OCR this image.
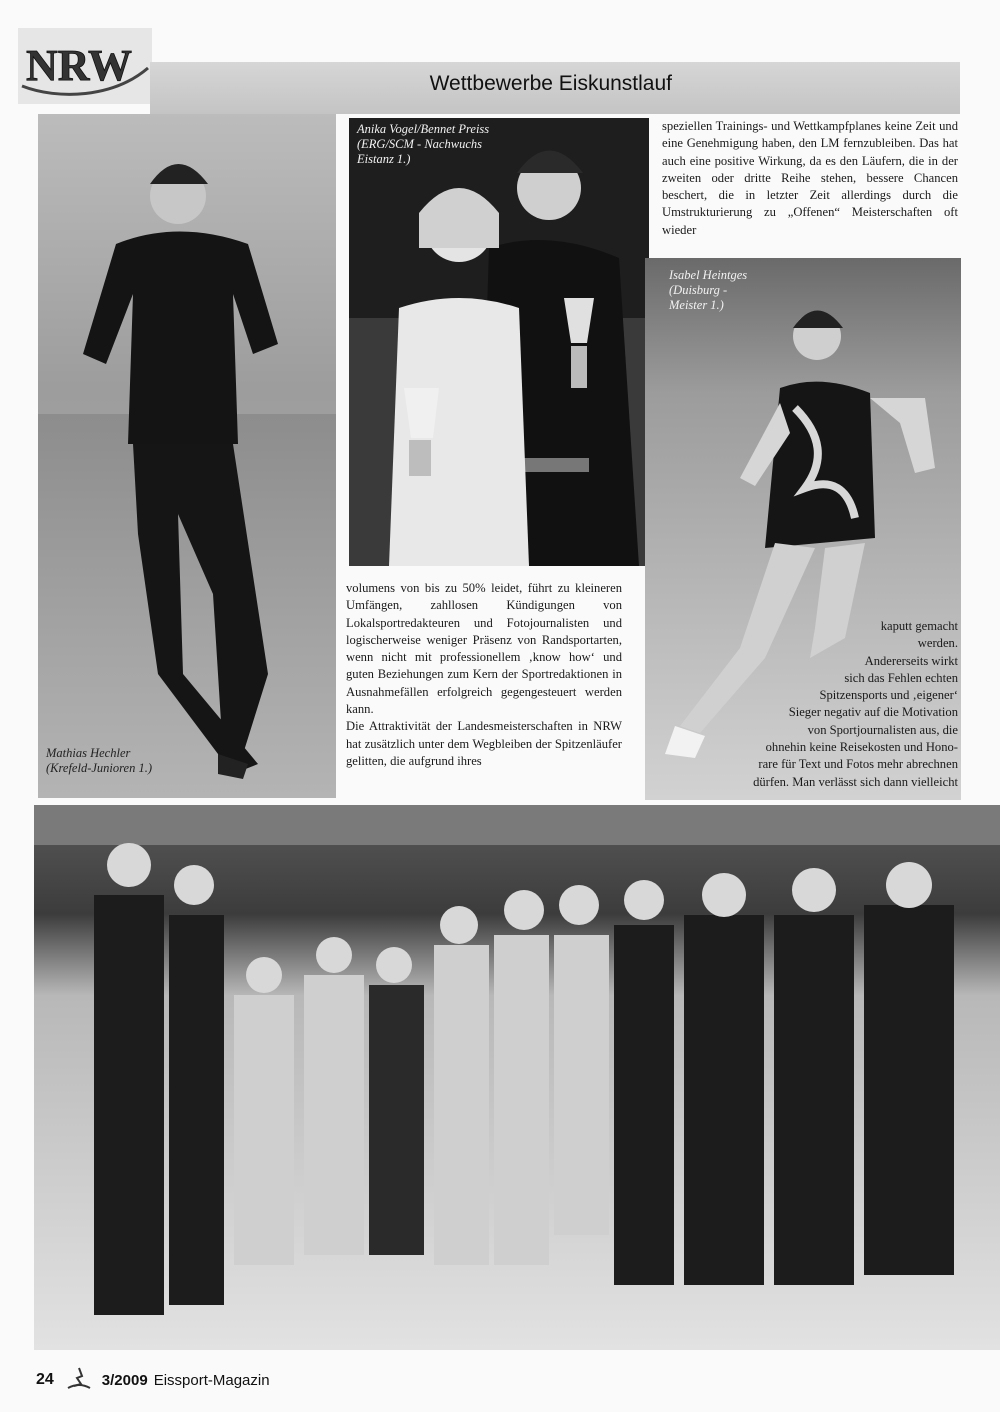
NRW	Wettbewerbe Eiskunstlauf
Mathias Hechler
(Krefeld-Junioren 1.)
Anika Vogel/Bennet Preiss
(ERG/SCM - Nachwuchs
Eistanz 1.)
Isabel Heintges
(Duisburg -
Meister 1.)

speziellen Trainings- und Wettkampfplanes keine Zeit und eine Genehmigung haben, den LM fernzubleiben. Das hat auch eine positive Wirkung, da es den Läufern, die in der zweiten oder dritte Reihe stehen, bessere Chancen beschert, die in letzter Zeit allerdings durch die Umstrukturierung zu „Offenen“ Meisterschaften oft wieder

volumens von bis zu 50% leidet, führt zu kleineren Umfängen, zahllosen Kündigungen von Lokalsportredakteuren und Fotojournalisten und logischerweise weniger Präsenz von Randsportarten, wenn nicht mit professionellem ‚know how‘ und guten Beziehungen zum Kern der Sportredaktionen in Ausnahmefällen erfolgreich gegengesteuert werden kann.

Die Attraktivität der Landesmeisterschaften in NRW hat zusätzlich unter dem Wegbleiben der Spitzenläufer gelitten, die aufgrund ihres

kaputt gemacht
werden.
Andererseits wirkt
sich das Fehlen echten
Spitzensports und ‚eigener‘
Sieger negativ auf die Motivation
von Sportjournalisten aus, die
ohnehin keine Reisekosten und Hono-
rare für Text und Fotos mehr abrechnen
dürfen. Man verlässt sich dann vielleicht
24	3/2009 Eissport-Magazin
